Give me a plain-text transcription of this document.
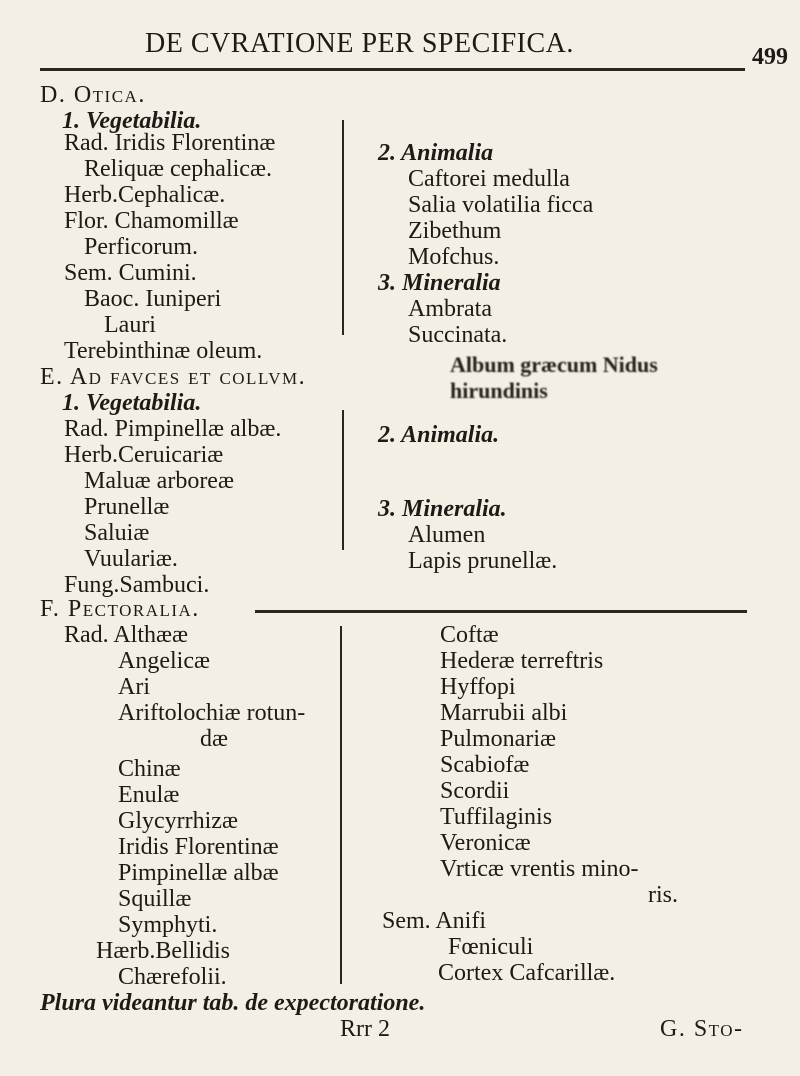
DE CVRATIONE PER SPECIFICA.	499
D. Otica.
1. Vegetabilia.
Rad. Iridis Florentinæ
Reliquæ cephalicæ.
Herb.Cephalicæ.
Flor. Chamomillæ
Perficorum.
Sem. Cumini.
Baoc. Iuniperi
Lauri
Terebinthinæ oleum.
2. Animalia
Caftorei medulla
Salia volatilia ficca
Zibethum
Mofchus.
3. Mineralia
Ambrata
Succinata.
E. Ad favces et collvm.
1. Vegetabilia.
Rad. Pimpinellæ albæ.
Herb.Ceruicariæ
Maluæ arboreæ
Prunellæ
Saluiæ
Vuulariæ.
Fung.Sambuci.
2. Animalia.
Album græcum Nidus hirundinis
3. Mineralia.
Alumen
Lapis prunellæ.
F. Pectoralia.
Rad. Althææ
Angelicæ
Ari
Ariftolochiæ rotun-
dæ
Chinæ
Enulæ
Glycyrrhizæ
Iridis Florentinæ
Pimpinellæ albæ
Squillæ
Symphyti.
Hærb.Bellidis
Chærefolii.
Coftæ
Hederæ terreftris
Hyffopi
Marrubii albi
Pulmonariæ
Scabiofæ
Scordii
Tuffilaginis
Veronicæ
Vrticæ vrentis mino-
ris.
Sem. Anifi
Fœniculi
Cortex Cafcarillæ.
Plura videantur tab. de expectoratione.
Rrr 2	G. Sto-
